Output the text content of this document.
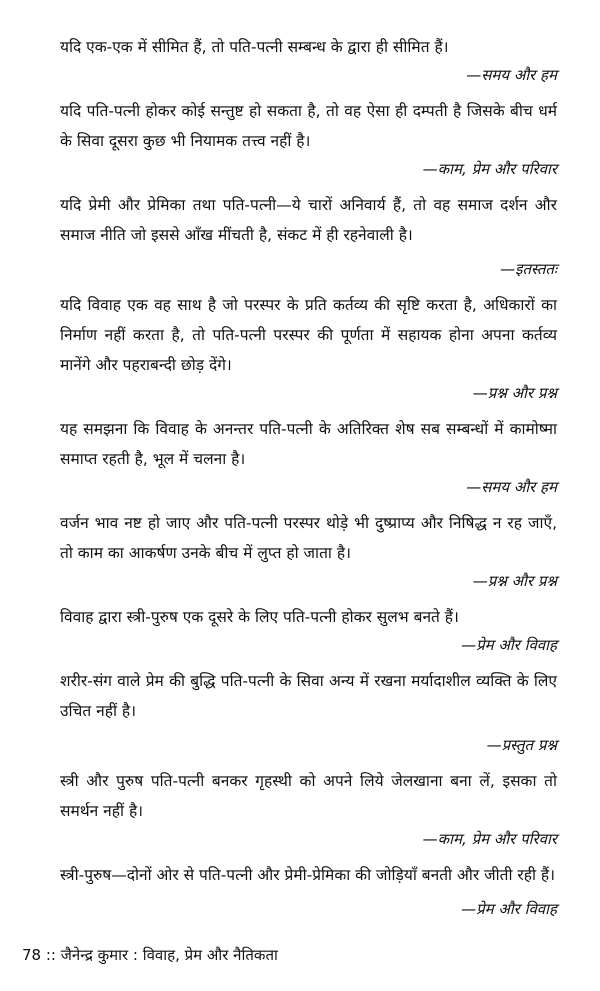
यदि एक-एक में सीमित हैं, तो पति-पत्नी सम्बन्ध के द्वारा ही सीमित हैं।

—समय और हम

यदि पति-पत्नी होकर कोई सन्तुष्ट हो सकता है, तो वह ऐसा ही दम्पती है जिसके बीच धर्म के सिवा दूसरा कुछ भी नियामक तत्त्व नहीं है।

—काम, प्रेम और परिवार

यदि प्रेमी और प्रेमिका तथा पति-पत्नी—ये चारों अनिवार्य हैं, तो वह समाज दर्शन और समाज नीति जो इससे आँख मींचती है, संकट में ही रहनेवाली है।

—इतस्ततः

यदि विवाह एक वह साथ है जो परस्पर के प्रति कर्तव्य की सृष्टि करता है, अधिकारों का निर्माण नहीं करता है, तो पति-पत्नी परस्पर की पूर्णता में सहायक होना अपना कर्तव्य मानेंगे और पहराबन्दी छोड़ देंगे।

—प्रश्न और प्रश्न

यह समझना कि विवाह के अनन्तर पति-पत्नी के अतिरिक्त शेष सब सम्बन्धों में कामोष्मा समाप्त रहती है, भूल में चलना है।

—समय और हम

वर्जन भाव नष्ट हो जाए और पति-पत्नी परस्पर थोड़े भी दुष्प्राप्य और निषिद्ध न रह जाएँ, तो काम का आकर्षण उनके बीच में लुप्त हो जाता है।

—प्रश्न और प्रश्न

विवाह द्वारा स्त्री-पुरुष एक दूसरे के लिए पति-पत्नी होकर सुलभ बनते हैं।

—प्रेम और विवाह

शरीर-संग वाले प्रेम की बुद्धि पति-पत्नी के सिवा अन्य में रखना मर्यादाशील व्यक्ति के लिए उचित नहीं है।

—प्रस्तुत प्रश्न

स्त्री और पुरुष पति-पत्नी बनकर गृहस्थी को अपने लिये जेलखाना बना लें, इसका तो समर्थन नहीं है।

—काम, प्रेम और परिवार

स्त्री-पुरुष—दोनों ओर से पति-पत्नी और प्रेमी-प्रेमिका की जोड़ियाँ बनती और जीती रही हैं।

—प्रेम और विवाह

78 :: जैनेन्द्र कुमार : विवाह, प्रेम और नैतिकता
